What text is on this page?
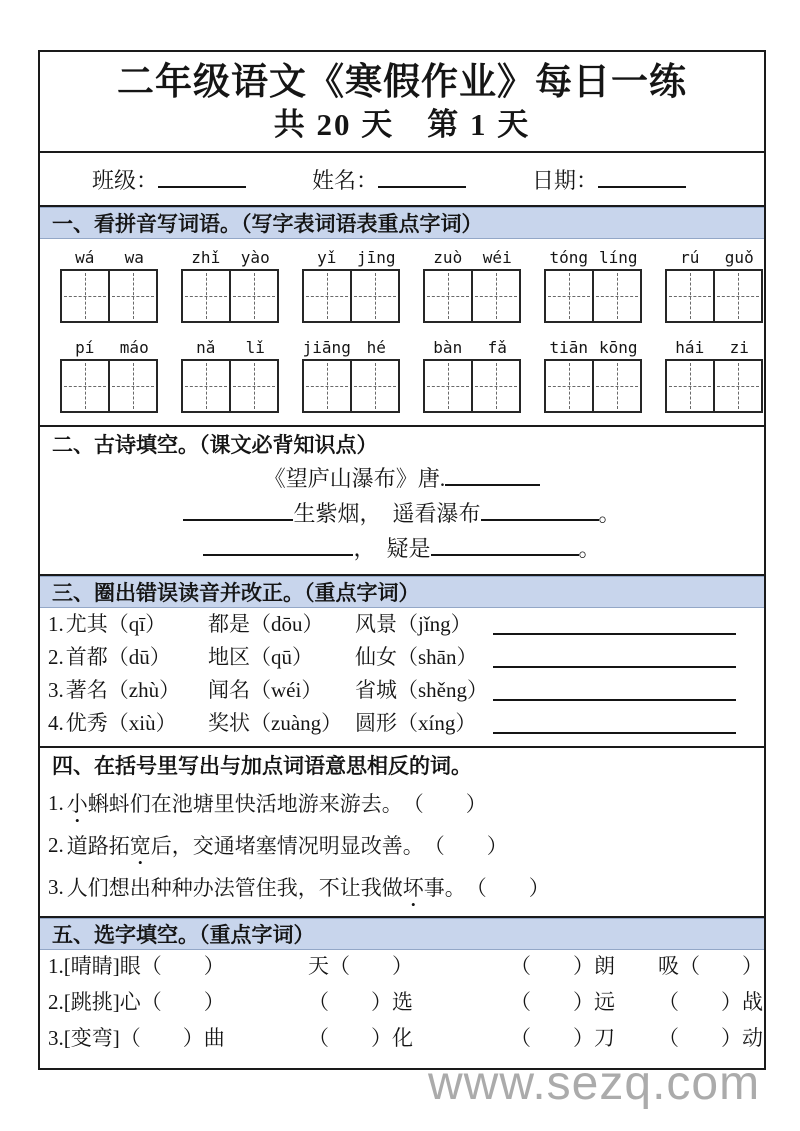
二年级语文《寒假作业》每日一练
共 20 天　第 1 天
班级：	姓名：	日期：
一、看拼音写词语。（写字表词语表重点字词）
wá	wa	zhǐ	yào	yǐ	jīng	zuò	wéi	tóng líng	rú	guǒ
pí	máo	nǎ	lǐ	jiāng hé	bàn	fǎ	tiān kōng	hái	zi
二、古诗填空。（课文必背知识点）
《望庐山瀑布》唐.
生紫烟，　遥看瀑布	。
，　疑是	。
三、圈出错误读音并改正。（重点字词）
1.尤其（qī）	都是（dōu）	风景（jǐng）
2.首都（dū）	地区（qū）	仙女（shān）
3.著名（zhù）	闻名（wéi）	省城（shěng）
4.优秀（xiù）	奖状（zuàng） 圆形（xíng）
四、在括号里写出与加点词语意思相反的词。
1. 小 • 蝌蚪们在池塘里快活地游来游去。 （　　）
2. 道路拓 宽 • 后，交通堵塞情况明显改善。 （　　）
3. 人们想出种种办法管住我，不让我做 坏 • 事。 （　　）
五、选字填空。（重点字词）
1.[晴睛]眼（　　）	天（　　）	（　　）朗	吸（　　）
2.[跳挑]心（　　）	（　　）选	（　　）远	（　　）战
3.[变弯]（　　）曲	（　　）化	（　　）刀	（　　）动
www.sezq.com
